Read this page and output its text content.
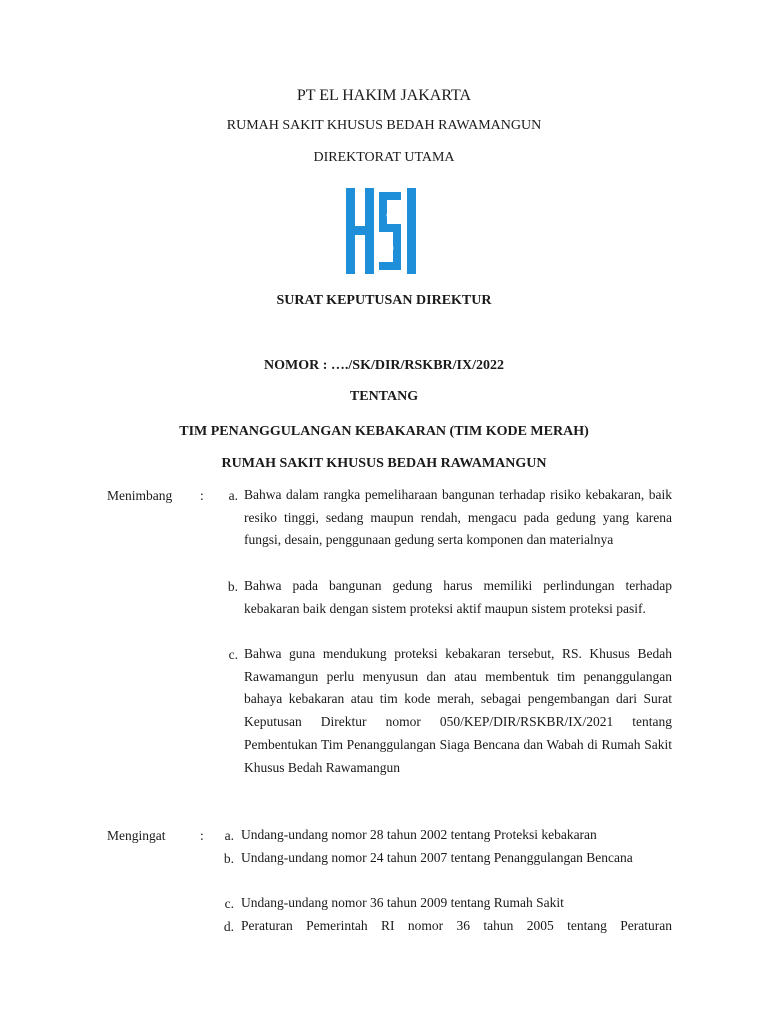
PT EL HAKIM JAKARTA
RUMAH SAKIT KHUSUS BEDAH RAWAMANGUN
DIREKTORAT UTAMA
SURAT KEPUTUSAN DIREKTUR
NOMOR : …./SK/DIR/RSKBR/IX/2022
TENTANG
TIM PENANGGULANGAN KEBAKARAN (TIM KODE MERAH)
RUMAH SAKIT KHUSUS BEDAH RAWAMANGUN
Menimbang :	a. Bahwa dalam rangka pemeliharaan bangunan terhadap risiko kebakaran, baik resiko tinggi, sedang maupun rendah, mengacu pada gedung yang karena fungsi, desain, penggunaan gedung serta komponen dan materialnya
b. Bahwa pada bangunan gedung harus memiliki perlindungan terhadap kebakaran baik dengan sistem proteksi aktif maupun sistem proteksi pasif.
c. Bahwa guna mendukung proteksi kebakaran tersebut, RS. Khusus Bedah Rawamangun perlu menyusun dan atau membentuk tim penanggulangan bahaya kebakaran atau tim kode merah, sebagai pengembangan dari Surat Keputusan Direktur nomor 050/KEP/DIR/RSKBR/IX/2021 tentang Pembentukan Tim Penanggulangan Siaga Bencana dan Wabah di Rumah Sakit Khusus Bedah Rawamangun
Mengingat	:	a. Undang-undang nomor 28 tahun 2002 tentang Proteksi kebakaran
b. Undang-undang nomor 24 tahun 2007 tentang Penanggulangan Bencana
c. Undang-undang nomor 36 tahun 2009 tentang Rumah Sakit
d. Peraturan Pemerintah RI nomor 36 tahun 2005 tentang Peraturan
